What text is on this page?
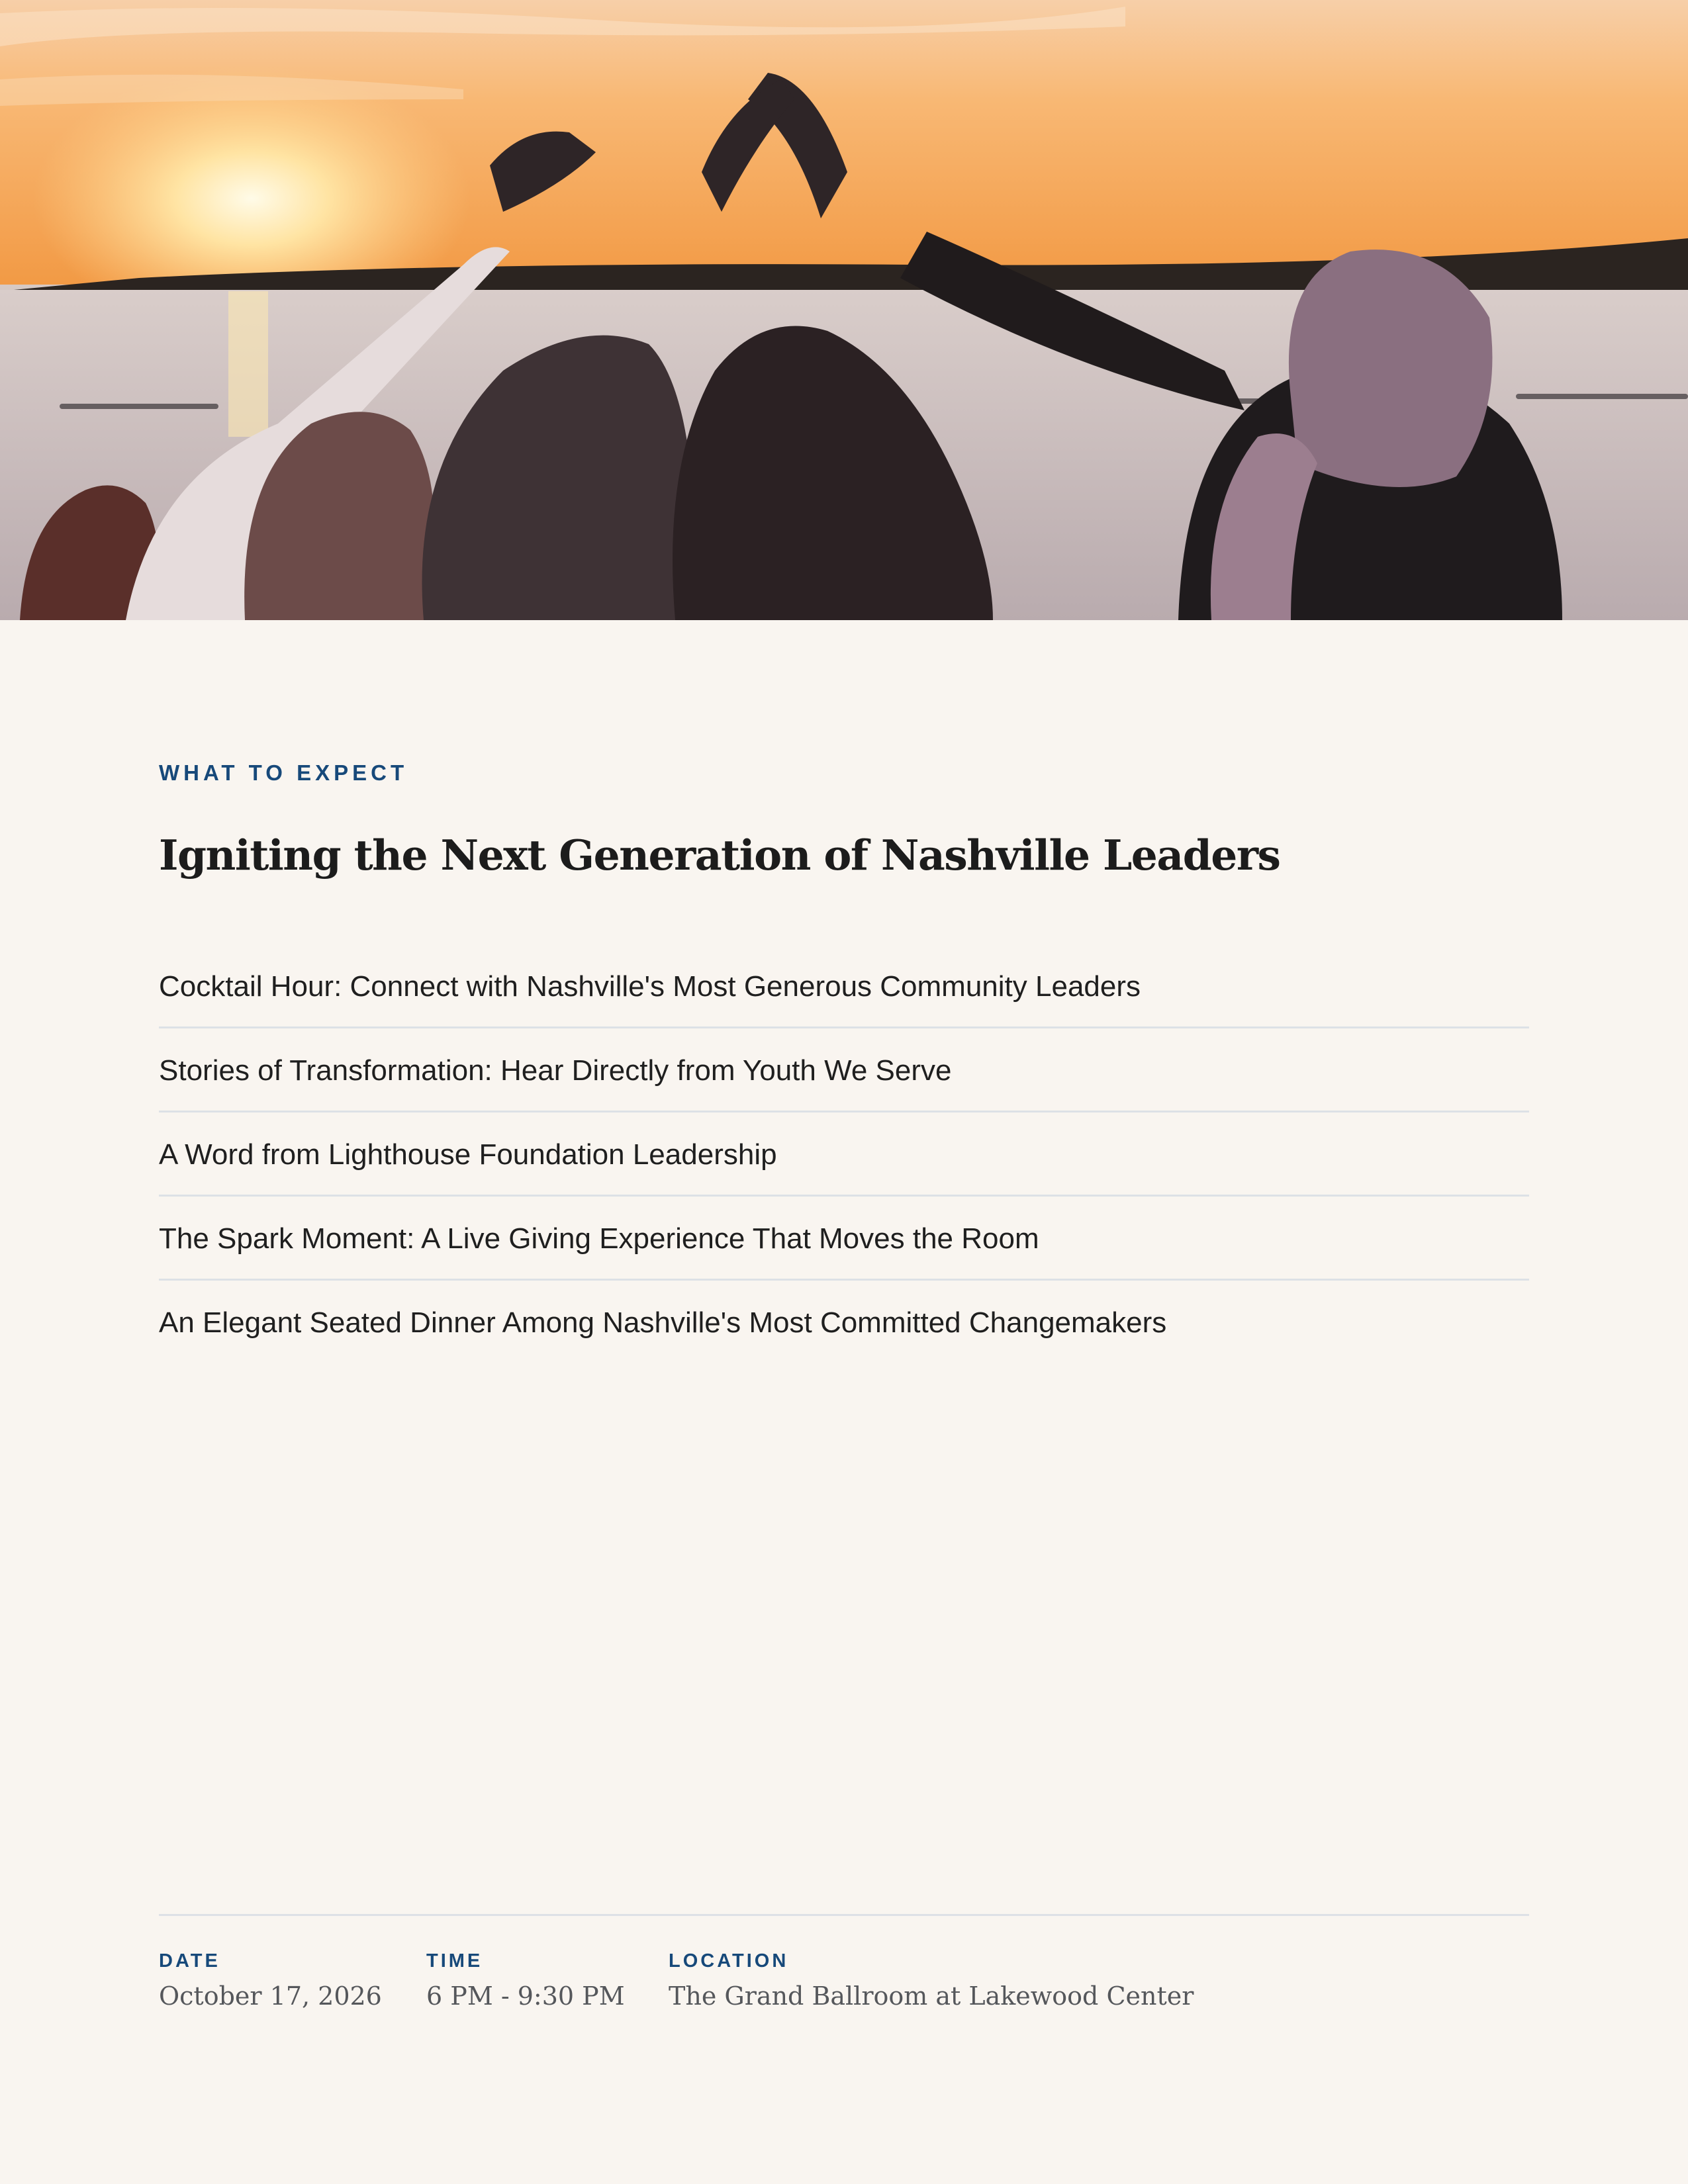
WHAT TO EXPECT
Igniting the Next Generation of Nashville Leaders
Cocktail Hour: Connect with Nashville's Most Generous Community Leaders
Stories of Transformation: Hear Directly from Youth We Serve
A Word from Lighthouse Foundation Leadership
The Spark Moment: A Live Giving Experience That Moves the Room
An Elegant Seated Dinner Among Nashville's Most Committed Changemakers
DATE
October 17, 2026
TIME
6 PM - 9:30 PM
LOCATION
The Grand Ballroom at Lakewood Center
